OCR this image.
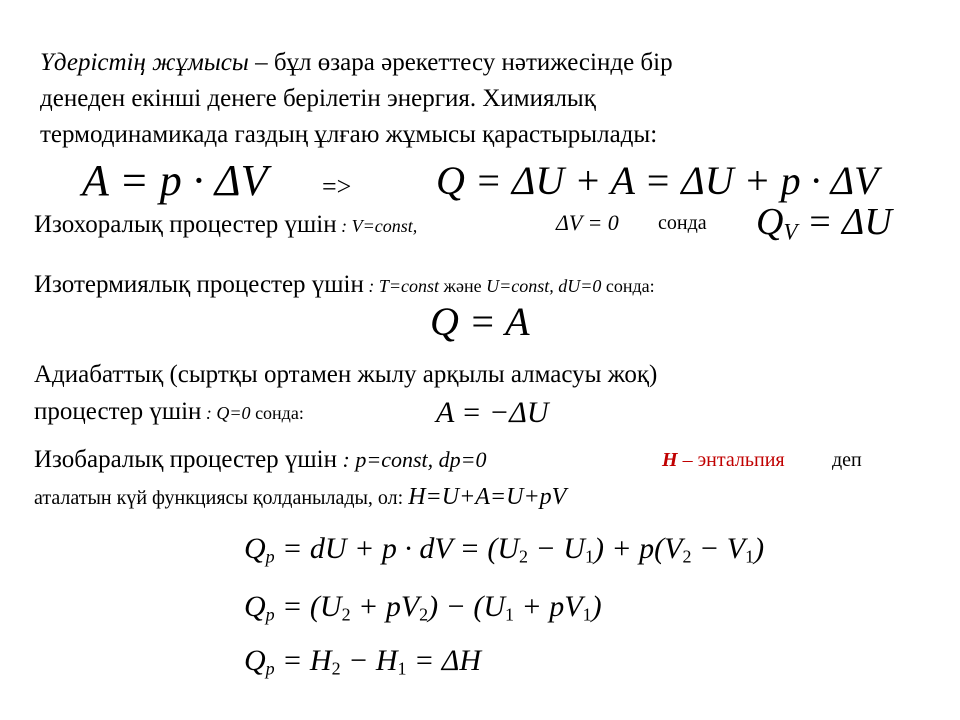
Үдерістің жұмысы – бұл өзара әрекеттесу нәтижесінде бір
денеден екінші денеге берілетін энергия. Химиялық
термодинамикада газдың ұлғаю жұмысы қарастырылады:
A = p · ΔV => Q = ΔU + A = ΔU + p · ΔV
Изохоралық процестер үшін : V=const,	ΔV = 0 сонда $Q_V = \Delta U$
Изотермиялық процестер үшін : T=const және U=const, dU=0 сонда:
Q = A
Адиабаттық (сыртқы ортамен жылу арқылы алмасуы жоқ)
процестер үшін : Q=0 сонда:	A = −ΔU
Изобаралық процестер үшін : p=const, dp=0	H – энтальпия деп
аталатын күй функциясы қолданылады, ол: H=U+A=U+pV
$Q_p$ = dU + p · dV = $(U_2 - U_1) + p(V_2 - V_1)$
$Q_p = (U_2 + pV_2) - (U_1 + pV_1)$
$Q_p = H_2 - H_1 = \Delta H$
